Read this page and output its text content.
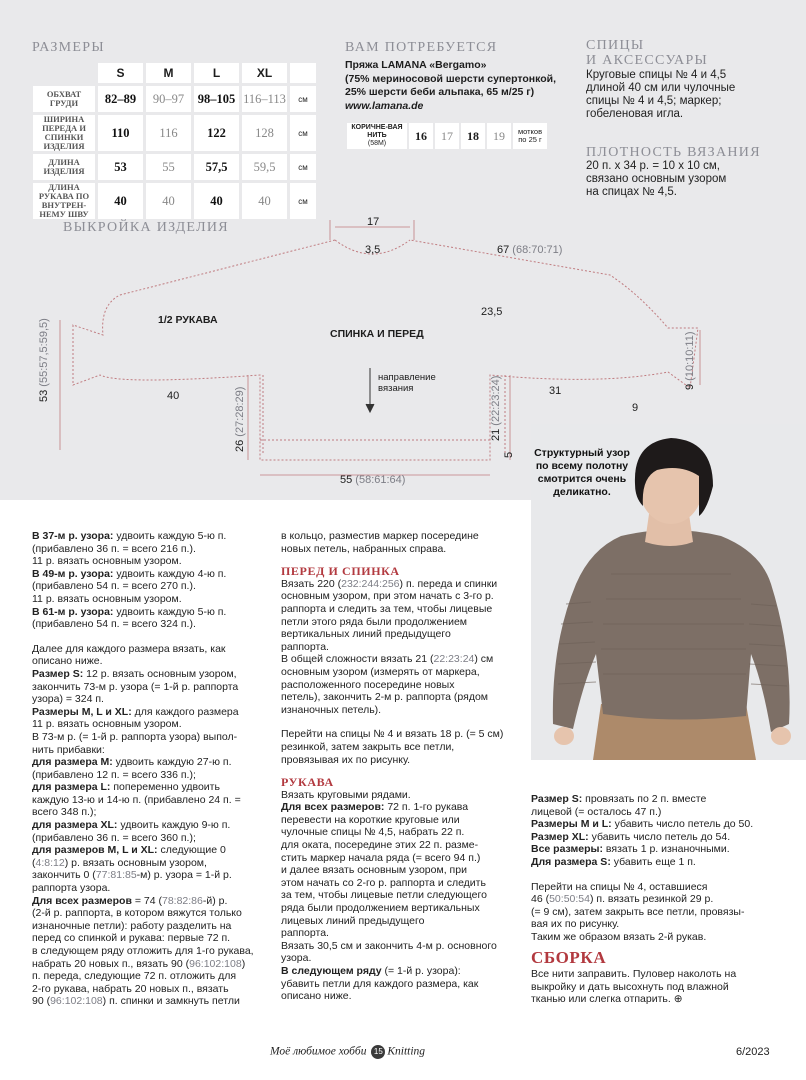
РАЗМЕРЫ
	S	M	L	XL	
ОБХВАТ ГРУДИ	82–89	90–97	98–105	116–113	см
ШИРИНА ПЕРЕДА И СПИНКИ ИЗДЕЛИЯ	110	116	122	128	см
ДЛИНА ИЗДЕЛИЯ	53	55	57,5	59,5	см
ДЛИНА РУКАВА ПО ВНУТРЕН-НЕМУ ШВУ	40	40	40	40	см
ВАМ ПОТРЕБУЕТСЯ
Пряжа LAMANA «Bergamo»
(75% мериносовой шерсти супертонкой,
25% шерсти беби альпака, 65 м/25 г)
www.lamana.de
КОРИЧНЕ-ВАЯ НИТЬ
(58M)	16	17	18	19	мотков по 25 г
СПИЦЫ
И АКСЕССУАРЫ
Круговые спицы № 4 и 4,5
длиной 40 см или чулочные
спицы № 4 и 4,5; маркер;
гобеленовая игла.
ПЛОТНОСТЬ ВЯЗАНИЯ
20 п. х 34 р. = 10 х 10 см,
связано основным узором
на спицах № 4,5.
ВЫКРОЙКА ИЗДЕЛИЯ
1/2 РУКАВА
СПИНКА И ПЕРЕД
направление
вязания
17
3,5	67 (68:70:71)
23,5
53 (55:57,5:59,5)
40
26 (27:28:29)	21 (22:23:24)
5
55 (58:61:64)
9 (10:10:11)
9
31
Структурный узор по всему полотну смотрится очень деликатно.

В 37-м р. узора: удвоить каждую 5-ю п.

(прибавлено 36 п. = всего 216 п.).

11 р. вязать основным узором.

В 49-м р. узора: удвоить каждую 4-ю п.

(прибавлено 54 п. = всего 270 п.).

11 р. вязать основным узором.

В 61-м р. узора: удвоить каждую 5-ю п.

(прибавлено 54 п. = всего 324 п.).

Далее для каждого размера вязать, как

описано ниже.

Размер S: 12 р. вязать основным узором,

закончить 73-м р. узора (= 1-й р. раппорта

узора) = 324 п.

Размеры M, L и XL: для каждого размера

11 р. вязать основным узором.

В 73-м р. (= 1-й р. раппорта узора) выпол-

нить прибавки:

для размера M: удвоить каждую 27-ю п.

(прибавлено 12 п. = всего 336 п.);

для размера L: попеременно удвоить

каждую 13-ю и 14-ю п. (прибавлено 24 п. =

всего 348 п.);

для размера XL: удвоить каждую 9-ю п.

(прибавлено 36 п. = всего 360 п.);

для размеров M, L и XL: следующие 0

(4:8:12) р. вязать основным узором,

закончить 0 (77:81:85-м) р. узора = 1-й р.

раппорта узора.

Для всех размеров = 74 (78:82:86-й) р.

(2-й р. раппорта, в котором вяжутся только

изнаночные петли): работу разделить на

перед со спинкой и рукава: первые 72 п.

в следующем ряду отложить для 1-го рукава,

набрать 20 новых п., вязать 90 (96:102:108)

п. переда, следующие 72 п. отложить для

2-го рукава, набрать 20 новых п., вязать

90 (96:102:108) п. спинки и замкнуть петли

в кольцо, разместив маркер посередине

новых петель, набранных справа.

ПЕРЕД И СПИНКА

Вязать 220 (232:244:256) п. переда и спинки

основным узором, при этом начать с 3-го р.

раппорта и следить за тем, чтобы лицевые

петли этого ряда были продолжением

вертикальных линий предыдущего

раппорта.

В общей сложности вязать 21 (22:23:24) см

основным узором (измерять от маркера,

расположенного посередине новых

петель), закончить 2-м р. раппорта (рядом

изнаночных петель).

Перейти на спицы № 4 и вязать 18 р. (= 5 см)

резинкой, затем закрыть все петли,

провязывая их по рисунку.

РУКАВА

Вязать круговыми рядами.

Для всех размеров: 72 п. 1-го рукава

перевести на короткие круговые или

чулочные спицы № 4,5, набрать 22 п.

для оката, посередине этих 22 п. разме-

стить маркер начала ряда (= всего 94 п.)

и далее вязать основным узором, при

этом начать со 2-го р. раппорта и следить

за тем, чтобы лицевые петли следующего

ряда были продолжением вертикальных

лицевых линий предыдущего

раппорта.

Вязать 30,5 см и закончить 4-м р. основного

узора.

В следующем ряду (= 1-й р. узора):

убавить петли для каждого размера, как

описано ниже.

Размер S: провязать по 2 п. вместе

лицевой (= осталось 47 п.)

Размеры M и L: убавить число петель до 50.

Размер XL: убавить число петель до 54.

Все размеры: вязать 1 р. изнаночными.

Для размера S: убавить еще 1 п.

Перейти на спицы № 4, оставшиеся

46 (50:50:54) п. вязать резинкой 29 р.

(= 9 см), затем закрыть все петли, провязы-

вая их по рисунку.

Таким же образом вязать 2-й рукав.

СБОРКА

Все нити заправить. Пуловер наколоть на

выкройку и дать высохнуть под влажной

тканью или слегка отпарить. ⊕

Моё любимое хобби 15 Knitting	6/2023
